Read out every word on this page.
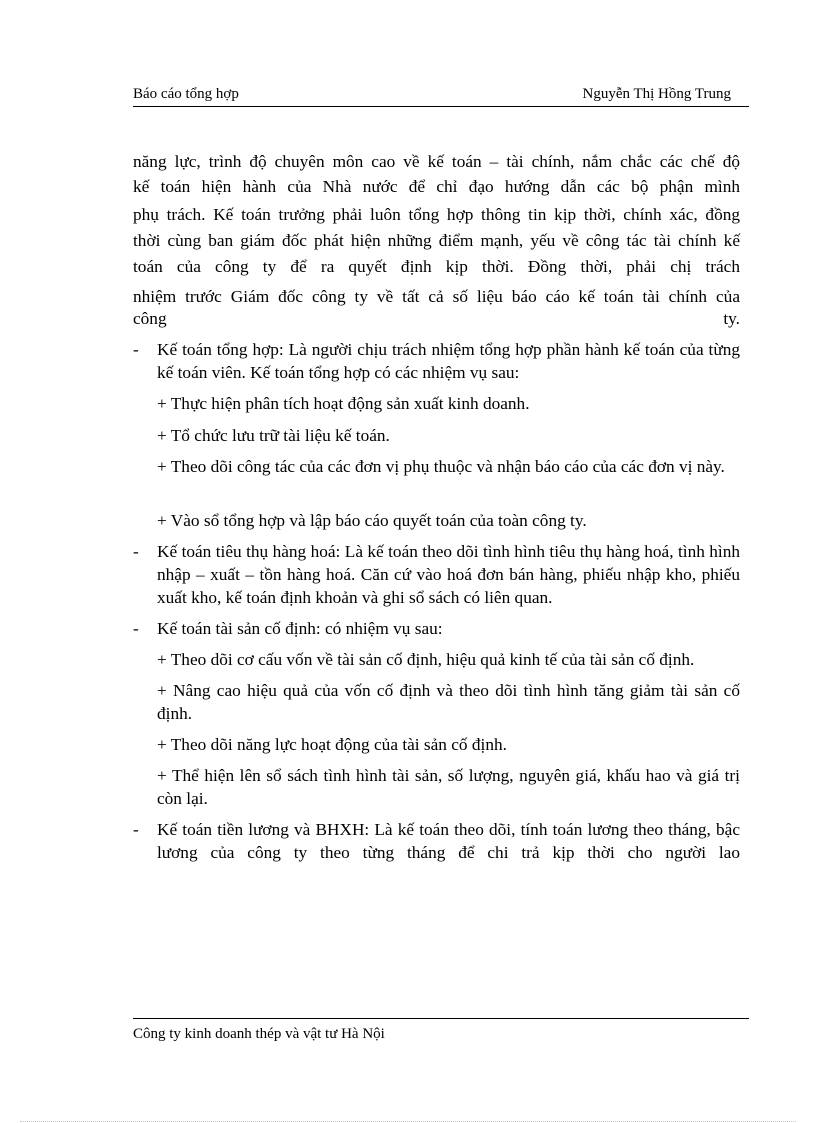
Báo cáo tổng hợp	Nguyễn Thị Hồng Trung

năng lực, trình độ chuyên môn cao về kế toán – tài chính, nắm chắc các chế độ

kế toán hiện hành của Nhà nước để chỉ đạo hướng dẫn các bộ phận mình

phụ trách. Kế toán trưởng phải luôn tổng hợp thông tin kịp thời, chính xác, đồng

thời cùng ban giám đốc phát hiện những điểm mạnh, yếu về công tác tài chính kế

toán của công ty để ra quyết định kịp thời. Đồng thời, phải chị trách

nhiệm trước Giám đốc công ty về tất cả số liệu báo cáo kế toán tài chính của

công	ty.
- Kế toán tổng hợp: Là người chịu trách nhiệm tổng hợp phần hành kế toán của từng kế toán viên. Kế toán tổng hợp có các nhiệm vụ sau:

+ Thực hiện phân tích hoạt động sản xuất kinh doanh.

+ Tổ chức lưu trữ tài liệu kế toán.

+ Theo dõi công tác của các đơn vị phụ thuộc và nhận báo cáo của các đơn vị này.

+ Vào sổ tổng hợp và lập báo cáo quyết toán của toàn công ty.

- Kế toán tiêu thụ hàng hoá: Là kế toán theo dõi tình hình tiêu thụ hàng hoá, tình hình nhập – xuất – tồn hàng hoá. Căn cứ vào hoá đơn bán hàng, phiếu nhập kho, phiếu xuất kho, kế toán định khoản và ghi sổ sách có liên quan.

- Kế toán tài sản cố định: có nhiệm vụ sau:

+ Theo dõi cơ cấu vốn về tài sản cố định, hiệu quả kinh tế của tài sản cố định.

+ Nâng cao hiệu quả của vốn cố định và theo dõi tình hình tăng giảm tài sản cố định.

+ Theo dõi năng lực hoạt động của tài sản cố định.

+ Thể hiện lên sổ sách tình hình tài sản, số lượng, nguyên giá, khấu hao và giá trị còn lại.

- Kế toán tiền lương và BHXH: Là kế toán theo dõi, tính toán lương theo tháng, bậc lương của công ty theo từng tháng để chi trả kịp thời cho người lao

Công ty kinh doanh thép và vật tư Hà Nội
